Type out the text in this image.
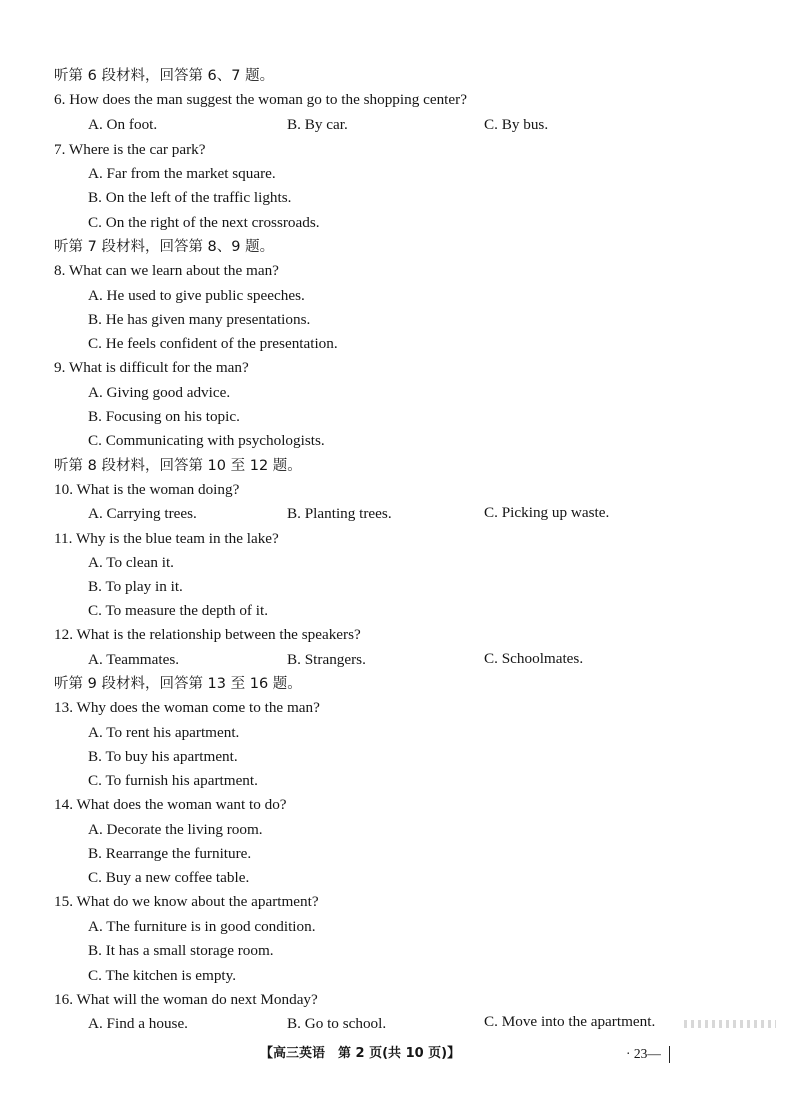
听第 6 段材料，回答第 6、7 题。
6. How does the man suggest the woman go to the shopping center?
A. On foot.	B. By car.	C. By bus.
7. Where is the car park?
A. Far from the market square.
B. On the left of the traffic lights.
C. On the right of the next crossroads.
听第 7 段材料，回答第 8、9 题。
8. What can we learn about the man?
A. He used to give public speeches.
B. He has given many presentations.
C. He feels confident of the presentation.
9. What is difficult for the man?
A. Giving good advice.
B. Focusing on his topic.
C. Communicating with psychologists.
听第 8 段材料，回答第 10 至 12 题。
10. What is the woman doing?
A. Carrying trees.	B. Planting trees.	C. Picking up waste.
11. Why is the blue team in the lake?
A. To clean it.
B. To play in it.
C. To measure the depth of it.
12. What is the relationship between the speakers?
A. Teammates.	B. Strangers.	C. Schoolmates.
听第 9 段材料，回答第 13 至 16 题。
13. Why does the woman come to the man?
A. To rent his apartment.
B. To buy his apartment.
C. To furnish his apartment.
14. What does the woman want to do?
A. Decorate the living room.
B. Rearrange the furniture.
C. Buy a new coffee table.
15. What do we know about the apartment?
A. The furniture is in good condition.
B. It has a small storage room.
C. The kitchen is empty.
16. What will the woman do next Monday?
A. Find a house.	B. Go to school.	C. Move into the apartment.
【高三英语　第 2 页(共 10 页)】	· 23—
